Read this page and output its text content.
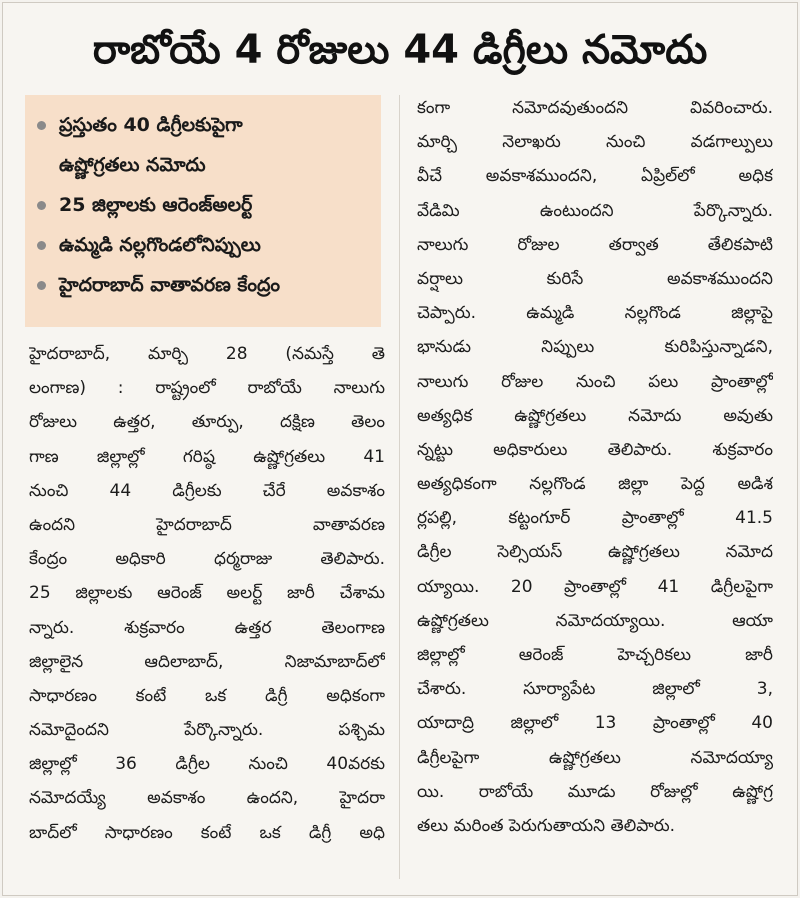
రాబోయే 4 రోజులు 44 డిగ్రీలు నమోదు
ప్రస్తుతం 40 డిగ్రీలకుపైగా
ఉష్ణోగ్రతలు నమోదు
25 జిల్లాలకు ఆరెంజ్‌అలర్ట్
ఉమ్మడి నల్లగొండలోనిప్పులు
హైదరాబాద్ వాతావరణ కేంద్రం
హైదరాబాద్, మార్చి 28 (నమస్తే తె
లంగాణ) : రాష్ట్రంలో రాబోయే నాలుగు
రోజులు ఉత్తర, తూర్పు, దక్షిణ తెలం
గాణ జిల్లాల్లో గరిష్ఠ ఉష్ణోగ్రతలు 41
నుంచి 44 డిగ్రీలకు చేరే అవకాశం
ఉందని హైదరాబాద్ వాతావరణ
కేంద్రం అధికారి ధర్మరాజు తెలిపారు.
25 జిల్లాలకు ఆరెంజ్ అలర్ట్ జారీ చేశామ
న్నారు. శుక్రవారం ఉత్తర తెలంగాణ
జిల్లాలైన ఆదిలాబాద్, నిజామాబాద్‌లో
సాధారణం కంటే ఒక డిగ్రీ అధికంగా
నమోదైందని పేర్కొన్నారు. పశ్చిమ
జిల్లాల్లో 36 డిగ్రీల నుంచి 40వరకు
నమోదయ్యే అవకాశం ఉందని, హైదరా
బాద్‌లో సాధారణం కంటే ఒక డిగ్రీ అధి
కంగా నమోదవుతుందని వివరించారు.
మార్చి నెలాఖరు నుంచి వడగాల్పులు
వీచే అవకాశముందని, ఏప్రిల్‌లో అధిక
వేడిమి ఉంటుందని పేర్కొన్నారు.
నాలుగు రోజుల తర్వాత తేలికపాటి
వర్షాలు కురిసే అవకాశముందని
చెప్పారు. ఉమ్మడి నల్లగొండ జిల్లాపై
భానుడు నిప్పులు కురిపిస్తున్నాడని,
నాలుగు రోజుల నుంచి పలు ప్రాంతాల్లో
అత్యధిక ఉష్ణోగ్రతలు నమోదు అవుతు
న్నట్టు అధికారులు తెలిపారు. శుక్రవారం
అత్యధికంగా నల్లగొండ జిల్లా పెద్ద అడిశ
ర్లపల్లి, కట్టంగూర్ ప్రాంతాల్లో 41.5
డిగ్రీల సెల్సియస్ ఉష్ణోగ్రతలు నమోద
య్యాయి. 20 ప్రాంతాల్లో 41 డిగ్రీలపైగా
ఉష్ణోగ్రతలు నమోదయ్యాయి. ఆయా
జిల్లాల్లో ఆరెంజ్ హెచ్చరికలు జారీ
చేశారు. సూర్యాపేట జిల్లాలో 3,
యాదాద్రి జిల్లాలో 13 ప్రాంతాల్లో 40
డిగ్రీలపైగా ఉష్ణోగ్రతలు నమోదయ్యా
యి. రాబోయే మూడు రోజుల్లో ఉష్ణోగ్ర
తలు మరింత పెరుగుతాయని తెలిపారు.
